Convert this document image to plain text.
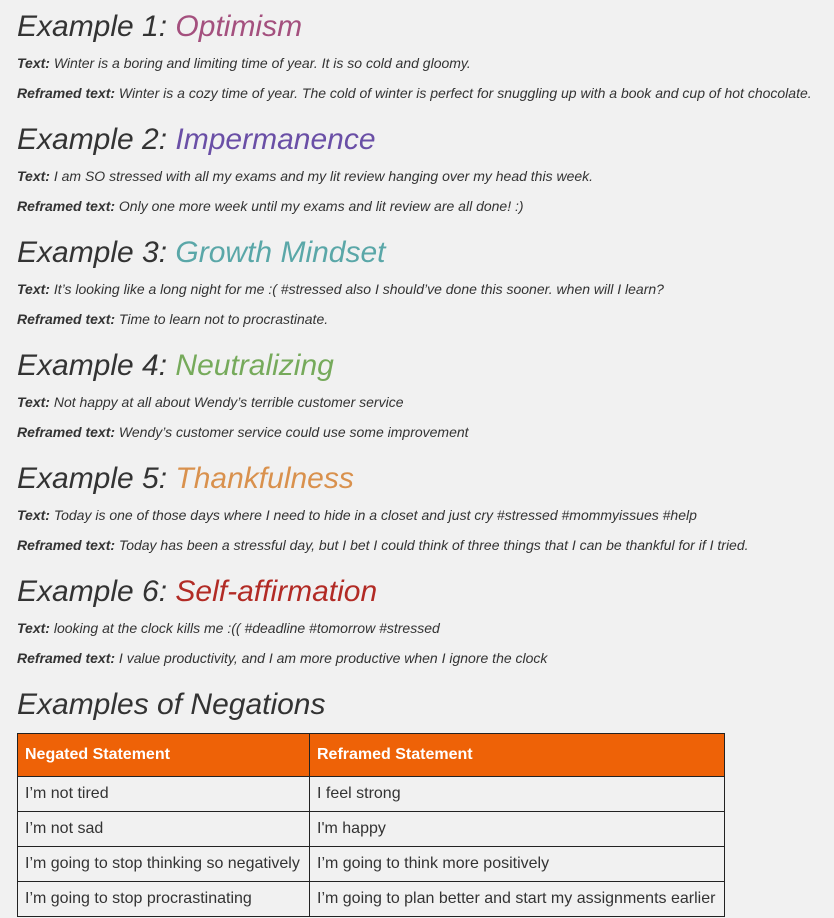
Example 1: Optimism

Text: Winter is a boring and limiting time of year. It is so cold and gloomy.

Reframed text: Winter is a cozy time of year. The cold of winter is perfect for snuggling up with a book and cup of hot chocolate.

Example 2: Impermanence

Text: I am SO stressed with all my exams and my lit review hanging over my head this week.

Reframed text: Only one more week until my exams and lit review are all done! :)

Example 3: Growth Mindset

Text: It’s looking like a long night for me :( #stressed also I should’ve done this sooner. when will I learn?

Reframed text: Time to learn not to procrastinate.

Example 4: Neutralizing

Text: Not happy at all about Wendy’s terrible customer service

Reframed text: Wendy’s customer service could use some improvement

Example 5: Thankfulness

Text: Today is one of those days where I need to hide in a closet and just cry #stressed #mommyissues #help

Reframed text: Today has been a stressful day, but I bet I could think of three things that I can be thankful for if I tried.

Example 6: Self-affirmation

Text: looking at the clock kills me :(( #deadline #tomorrow #stressed

Reframed text: I value productivity, and I am more productive when I ignore the clock

Examples of Negations
Negated Statement	Reframed Statement
I’m not tired	I feel strong
I’m not sad	I'm happy
I’m going to stop thinking so negatively	I’m going to think more positively
I’m going to stop procrastinating	I’m going to plan better and start my assignments earlier
